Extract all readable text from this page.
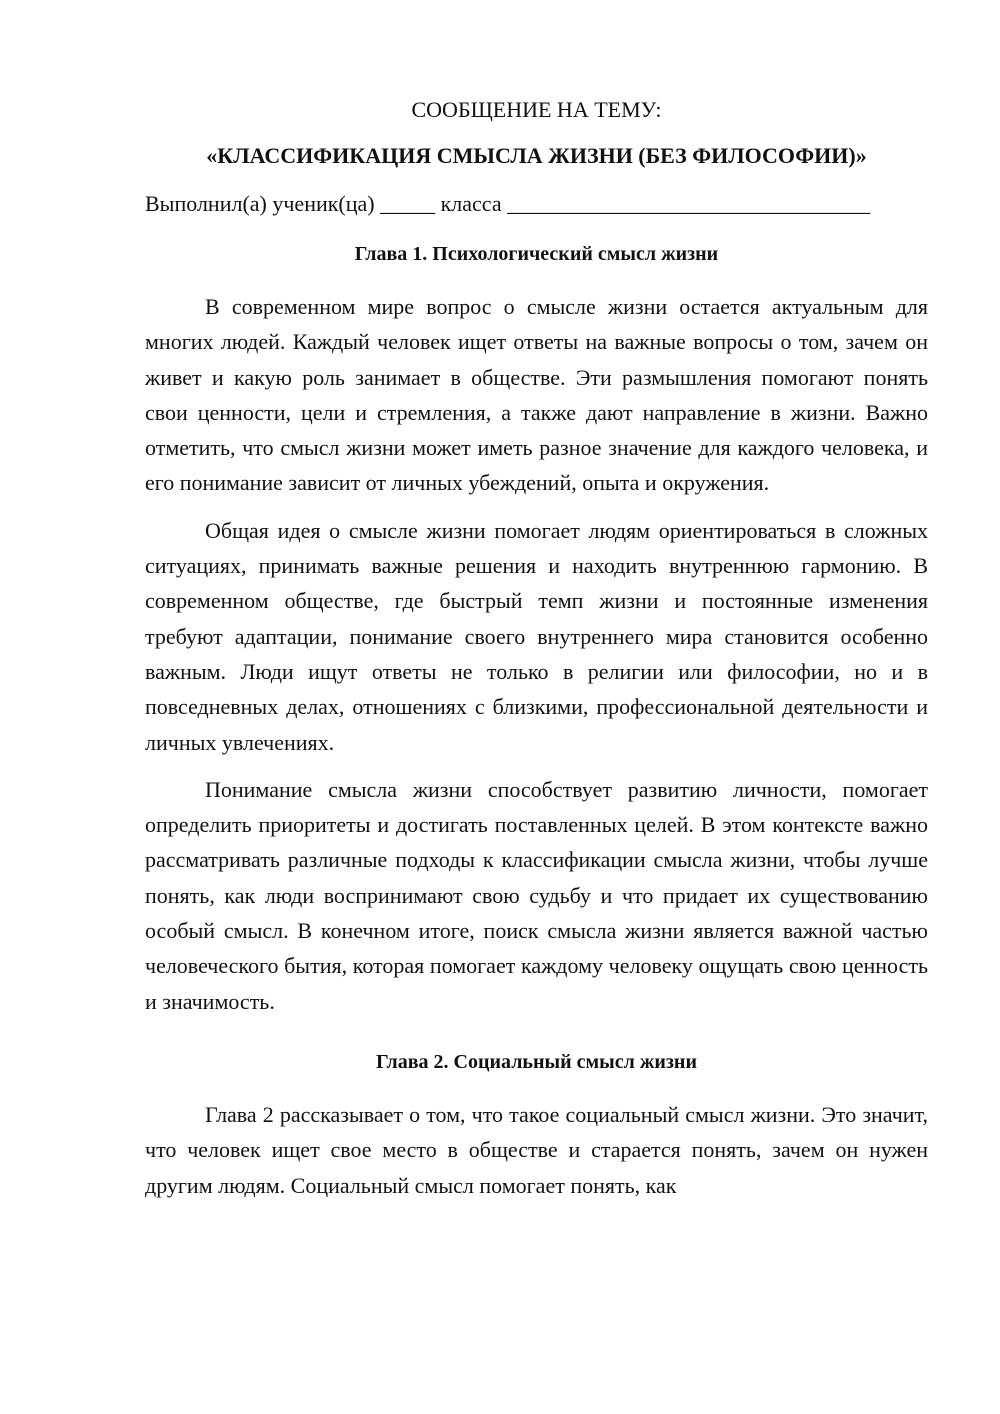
СООБЩЕНИЕ НА ТЕМУ:

«КЛАССИФИКАЦИЯ СМЫСЛА ЖИЗНИ (БЕЗ ФИЛОСОФИИ)»

Выполнил(а) ученик(ца) _____ класса _________________________________
Глава 1. Психологический смысл жизни

В современном мире вопрос о смысле жизни остается актуальным для многих людей. Каждый человек ищет ответы на важные вопросы о том, зачем он живет и какую роль занимает в обществе. Эти размышления помогают понять свои ценности, цели и стремления, а также дают направление в жизни. Важно отметить, что смысл жизни может иметь разное значение для каждого человека, и его понимание зависит от личных убеждений, опыта и окружения.

Общая идея о смысле жизни помогает людям ориентироваться в сложных ситуациях, принимать важные решения и находить внутреннюю гармонию. В современном обществе, где быстрый темп жизни и постоянные изменения требуют адаптации, понимание своего внутреннего мира становится особенно важным. Люди ищут ответы не только в религии или философии, но и в повседневных делах, отношениях с близкими, профессиональной деятельности и личных увлечениях.

Понимание смысла жизни способствует развитию личности, помогает определить приоритеты и достигать поставленных целей. В этом контексте важно рассматривать различные подходы к классификации смысла жизни, чтобы лучше понять, как люди воспринимают свою судьбу и что придает их существованию особый смысл. В конечном итоге, поиск смысла жизни является важной частью человеческого бытия, которая помогает каждому человеку ощущать свою ценность и значимость.

Глава 2. Социальный смысл жизни

Глава 2 рассказывает о том, что такое социальный смысл жизни. Это значит, что человек ищет свое место в обществе и старается понять, зачем он нужен другим людям. Социальный смысл помогает понять, как
